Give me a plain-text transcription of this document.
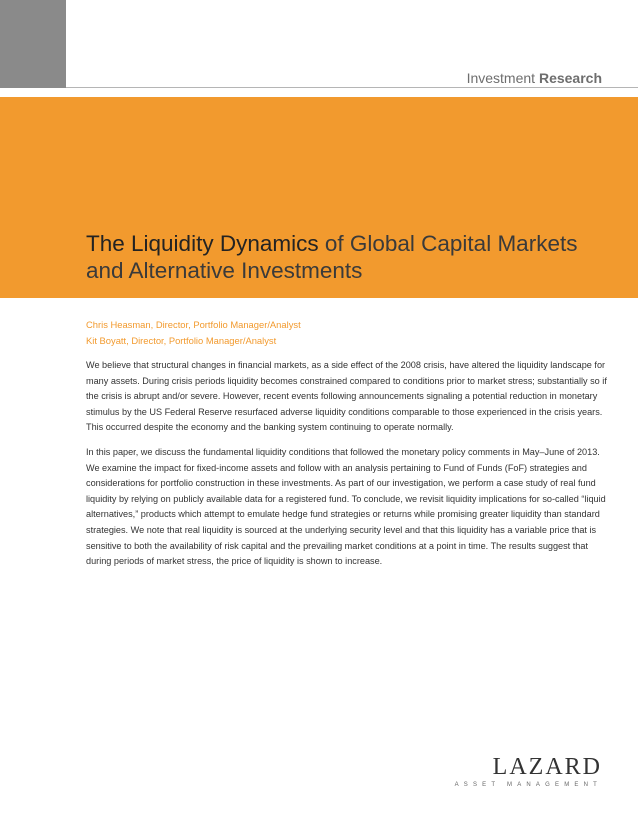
Investment Research
The Liquidity Dynamics of Global Capital Markets and Alternative Investments
Chris Heasman, Director, Portfolio Manager/Analyst
Kit Boyatt, Director, Portfolio Manager/Analyst

We believe that structural changes in financial markets, as a side effect of the 2008 crisis, have altered the liquidity landscape for many assets. During crisis periods liquidity becomes constrained compared to conditions prior to market stress; substantially so if the crisis is abrupt and/or severe. However, recent events following announcements signaling a potential reduction in monetary stimulus by the US Federal Reserve resurfaced adverse liquidity conditions comparable to those experienced in the crisis years. This occurred despite the economy and the banking system continuing to operate normally.

In this paper, we discuss the fundamental liquidity conditions that followed the monetary policy comments in May–June of 2013. We examine the impact for fixed-income assets and follow with an analysis pertaining to Fund of Funds (FoF) strategies and considerations for portfolio construction in these investments. As part of our investigation, we perform a case study of real fund liquidity by relying on publicly available data for a registered fund. To conclude, we revisit liquidity implications for so-called “liquid alternatives,” products which attempt to emulate hedge fund strategies or returns while promising greater liquidity than standard strategies. We note that real liquidity is sourced at the underlying security level and that this liquidity has a variable price that is sensitive to both the availability of risk capital and the prevailing market conditions at a point in time. The results suggest that during periods of market stress, the price of liquidity is shown to increase.

LAZARD
ASSET MANAGEMENT
